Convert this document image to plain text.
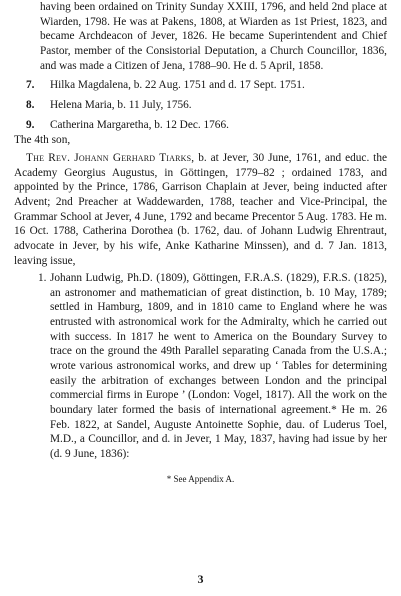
having been ordained on Trinity Sunday XXIII, 1796, and held 2nd place at Wiarden, 1798. He was at Pakens, 1808, at Wiarden as 1st Priest, 1823, and became Archdeacon of Jever, 1826. He became Superintendent and Chief Pastor, member of the Consistorial Deputation, a Church Councillor, 1836, and was made a Citizen of Jena, 1788–90. He d. 5 April, 1858.

7. Hilka Magdalena, b. 22 Aug. 1751 and d. 17 Sept. 1751.

8. Helena Maria, b. 11 July, 1756.

9. Catherina Margaretha, b. 12 Dec. 1766.

The 4th son,

The Rev. Johann Gerhard Tiarks, b. at Jever, 30 June, 1761, and educ. the Academy Georgius Augustus, in Göttingen, 1779–82 ; ordained 1783, and appointed by the Prince, 1786, Garrison Chaplain at Jever, being inducted after Advent; 2nd Preacher at Waddewarden, 1788, teacher and Vice-Principal, the Grammar School at Jever, 4 June, 1792 and became Precentor 5 Aug. 1783. He m. 16 Oct. 1788, Catherina Dorothea (b. 1762, dau. of Johann Ludwig Ehrentraut, advocate in Jever, by his wife, Anke Katharine Minssen), and d. 7 Jan. 1813, leaving issue,

1. Johann Ludwig, Ph.D. (1809), Göttingen, F.R.A.S. (1829), F.R.S. (1825), an astronomer and mathematician of great distinction, b. 10 May, 1789; settled in Hamburg, 1809, and in 1810 came to England where he was entrusted with astronomical work for the Admiralty, which he carried out with success. In 1817 he went to America on the Boundary Survey to trace on the ground the 49th Parallel separating Canada from the U.S.A.; wrote various astronomical works, and drew up ‘ Tables for determining easily the arbitration of exchanges between London and the principal commercial firms in Europe ’ (London: Vogel, 1817). All the work on the boundary later formed the basis of international agreement.* He m. 26 Feb. 1822, at Sandel, Auguste Antoinette Sophie, dau. of Luderus Toel, M.D., a Councillor, and d. in Jever, 1 May, 1837, having had issue by her (d. 9 June, 1836):

* See Appendix A.

3
